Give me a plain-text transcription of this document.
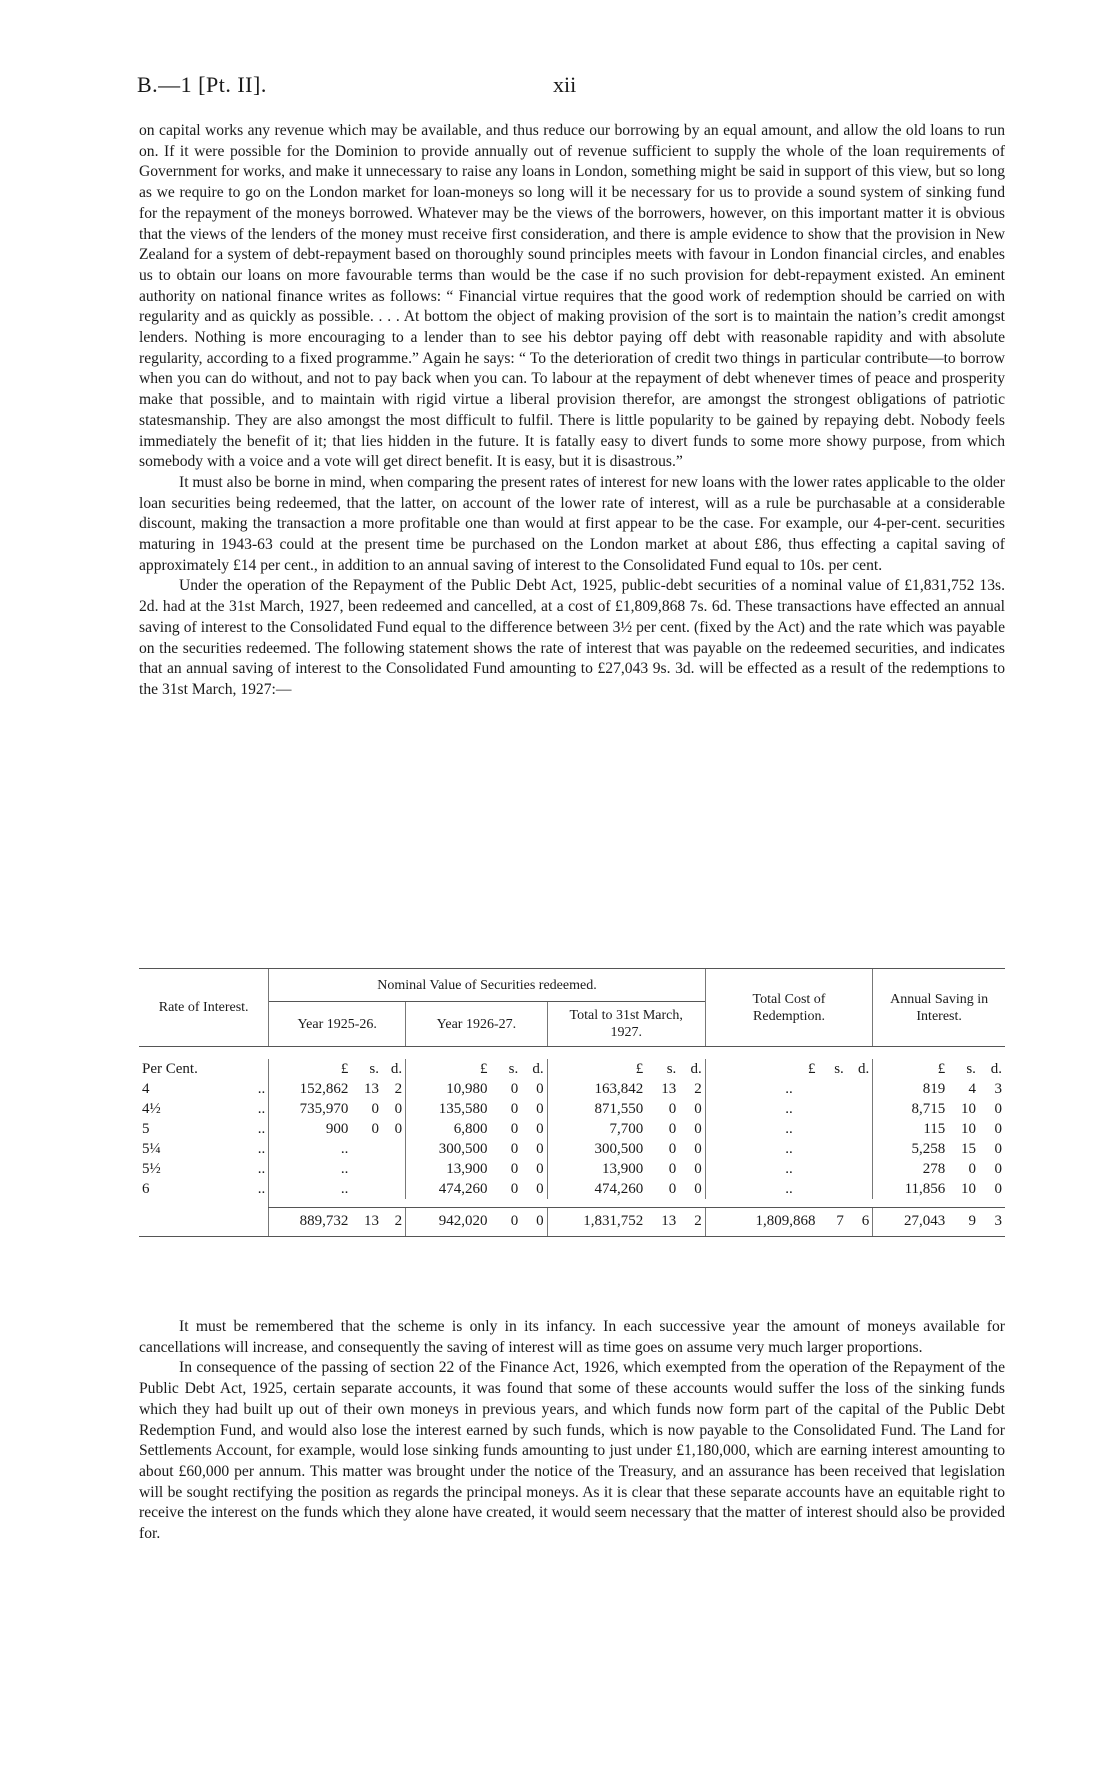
B.—1 [Pt. II].	xii

on capital works any revenue which may be available, and thus reduce our borrowing by an equal amount, and allow the old loans to run on. If it were possible for the Dominion to provide annually out of revenue sufficient to supply the whole of the loan requirements of Government for works, and make it unnecessary to raise any loans in London, something might be said in support of this view, but so long as we require to go on the London market for loan-moneys so long will it be necessary for us to provide a sound system of sinking fund for the repayment of the moneys borrowed. Whatever may be the views of the borrowers, however, on this important matter it is obvious that the views of the lenders of the money must receive first consideration, and there is ample evidence to show that the provision in New Zealand for a system of debt-repayment based on thoroughly sound principles meets with favour in London financial circles, and enables us to obtain our loans on more favourable terms than would be the case if no such provision for debt-repayment existed. An eminent authority on national finance writes as follows: “ Financial virtue requires that the good work of redemption should be carried on with regularity and as quickly as possible. . . . At bottom the object of making provision of the sort is to maintain the nation’s credit amongst lenders. Nothing is more encouraging to a lender than to see his debtor paying off debt with reasonable rapidity and with absolute regularity, according to a fixed programme.” Again he says: “ To the deterioration of credit two things in particular contribute—to borrow when you can do without, and not to pay back when you can. To labour at the repayment of debt whenever times of peace and prosperity make that possible, and to maintain with rigid virtue a liberal provision therefor, are amongst the strongest obligations of patriotic statesmanship. They are also amongst the most difficult to fulfil. There is little popularity to be gained by repaying debt. Nobody feels immediately the benefit of it; that lies hidden in the future. It is fatally easy to divert funds to some more showy purpose, from which somebody with a voice and a vote will get direct benefit. It is easy, but it is disastrous.”

It must also be borne in mind, when comparing the present rates of interest for new loans with the lower rates applicable to the older loan securities being redeemed, that the latter, on account of the lower rate of interest, will as a rule be purchasable at a considerable discount, making the transaction a more profitable one than would at first appear to be the case. For example, our 4-per-cent. securities maturing in 1943-63 could at the present time be purchased on the London market at about £86, thus effecting a capital saving of approximately £14 per cent., in addition to an annual saving of interest to the Consolidated Fund equal to 10s. per cent.

Under the operation of the Repayment of the Public Debt Act, 1925, public-debt securities of a nominal value of £1,831,752 13s. 2d. had at the 31st March, 1927, been redeemed and cancelled, at a cost of £1,809,868 7s. 6d. These transactions have effected an annual saving of interest to the Consolidated Fund equal to the difference between 3½ per cent. (fixed by the Act) and the rate which was payable on the securities redeemed. The following statement shows the rate of interest that was payable on the redeemed securities, and indicates that an annual saving of interest to the Consolidated Fund amounting to £27,043 9s. 3d. will be effected as a result of the redemptions to the 31st March, 1927:—

Rate of Interest.		Nominal Value of Securities redeemed.									Total Cost of Redemption.			Annual Saving in Interest.		
		Year 1925-26.			Year 1926-27.			Total to 31st March, 1927.								

Per Cent.		£	s.	d.	£	s.	d.	£	s.	d.	£	s.	d.	£	s.	d.
4	..	152,862	13	2	10,980	0	0	163,842	13	2	..			819	4	3
4½	..	735,970	0	0	135,580	0	0	871,550	0	0	..			8,715	10	0
5	..	900	0	0	6,800	0	0	7,700	0	0	..			115	10	0
5¼	..	..			300,500	0	0	300,500	0	0	..			5,258	15	0
5½	..	..			13,900	0	0	13,900	0	0	..			278	0	0
6	..	..			474,260	0	0	474,260	0	0	..			11,856	10	0

		889,732	13	2	942,020	0	0	1,831,752	13	2	1,809,868	7	6	27,043	9	3

It must be remembered that the scheme is only in its infancy. In each successive year the amount of moneys available for cancellations will increase, and consequently the saving of interest will as time goes on assume very much larger proportions.

In consequence of the passing of section 22 of the Finance Act, 1926, which exempted from the operation of the Repayment of the Public Debt Act, 1925, certain separate accounts, it was found that some of these accounts would suffer the loss of the sinking funds which they had built up out of their own moneys in previous years, and which funds now form part of the capital of the Public Debt Redemption Fund, and would also lose the interest earned by such funds, which is now payable to the Consolidated Fund. The Land for Settlements Account, for example, would lose sinking funds amounting to just under £1,180,000, which are earning interest amounting to about £60,000 per annum. This matter was brought under the notice of the Treasury, and an assurance has been received that legislation will be sought rectifying the position as regards the principal moneys. As it is clear that these separate accounts have an equitable right to receive the interest on the funds which they alone have created, it would seem necessary that the matter of interest should also be provided for.
